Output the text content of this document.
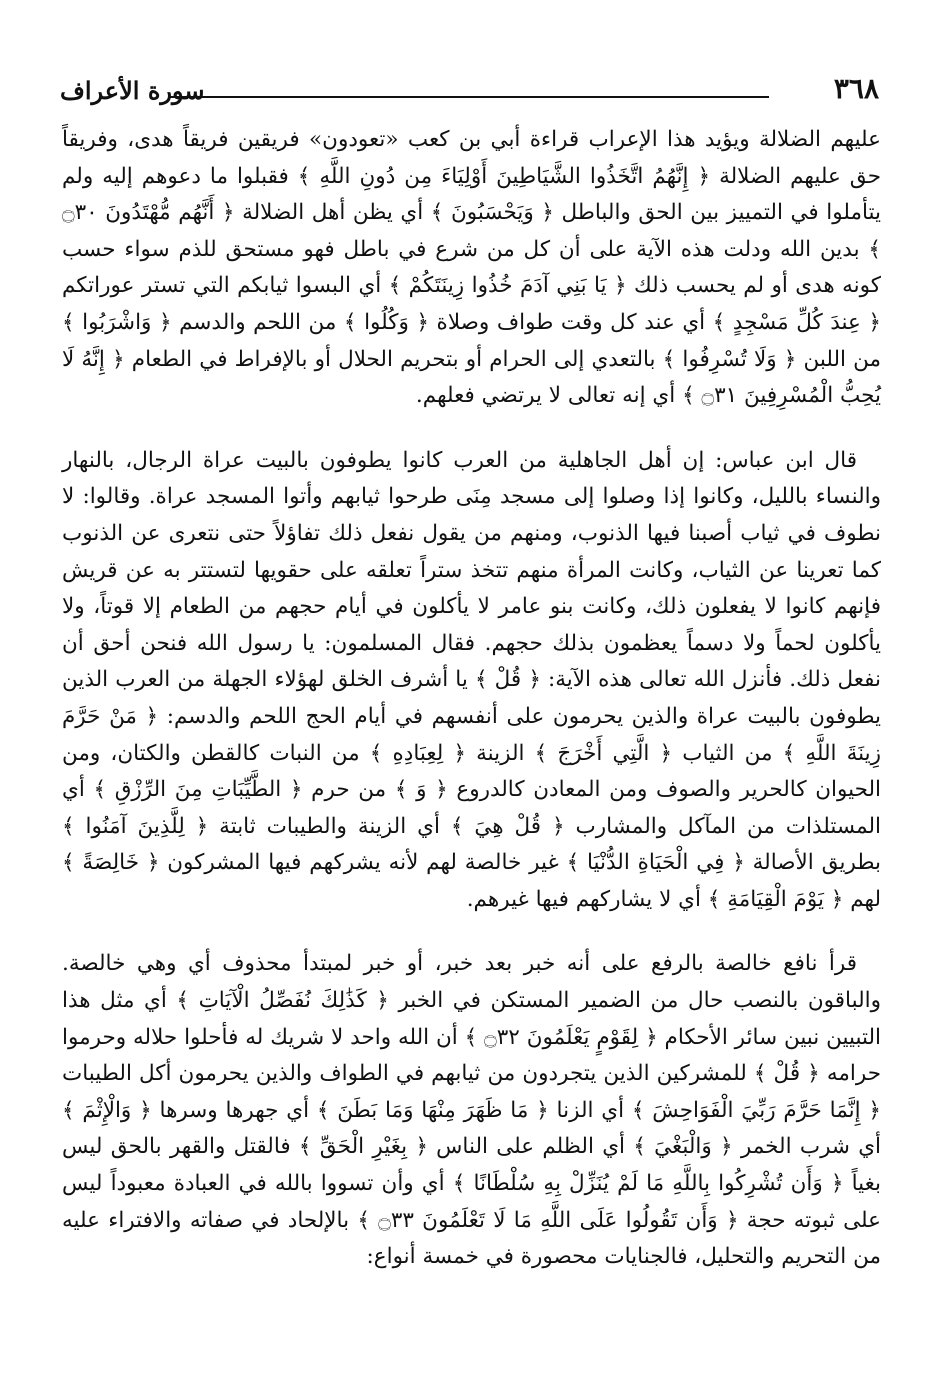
٣٦٨
سورة الأعراف

عليهم الضلالة ويؤيد هذا الإعراب قراءة أبي بن كعب «تعودون» فريقين فريقاً هدى، وفريقاً حق عليهم الضلالة ﴿ إِنَّهُمُ اتَّخَذُوا الشَّيَاطِينَ أَوْلِيَاءَ مِن دُونِ اللَّهِ ﴾ فقبلوا ما دعوهم إليه ولم يتأملوا في التمييز بين الحق والباطل ﴿ وَيَحْسَبُونَ ﴾ أي يظن أهل الضلالة ﴿ أَنَّهُم مُّهْتَدُونَ ۝٣٠ ﴾ بدين الله ودلت هذه الآية على أن كل من شرع في باطل فهو مستحق للذم سواء حسب كونه هدى أو لم يحسب ذلك ﴿ يَا بَنِي آدَمَ خُذُوا زِينَتَكُمْ ﴾ أي البسوا ثيابكم التي تستر عوراتكم ﴿ عِندَ كُلِّ مَسْجِدٍ ﴾ أي عند كل وقت طواف وصلاة ﴿ وَكُلُوا ﴾ من اللحم والدسم ﴿ وَاشْرَبُوا ﴾ من اللبن ﴿ وَلَا تُسْرِفُوا ﴾ بالتعدي إلى الحرام أو بتحريم الحلال أو بالإفراط في الطعام ﴿ إِنَّهُ لَا يُحِبُّ الْمُسْرِفِينَ ۝٣١ ﴾ أي إنه تعالى لا يرتضي فعلهم.

قال ابن عباس: إن أهل الجاهلية من العرب كانوا يطوفون بالبيت عراة الرجال، بالنهار والنساء بالليل، وكانوا إذا وصلوا إلى مسجد مِنَى طرحوا ثيابهم وأتوا المسجد عراة. وقالوا: لا نطوف في ثياب أصبنا فيها الذنوب، ومنهم من يقول نفعل ذلك تفاؤلاً حتى نتعرى عن الذنوب كما تعرينا عن الثياب، وكانت المرأة منهم تتخذ ستراً تعلقه على حقويها لتستتر به عن قريش فإنهم كانوا لا يفعلون ذلك، وكانت بنو عامر لا يأكلون في أيام حجهم من الطعام إلا قوتاً، ولا يأكلون لحماً ولا دسماً يعظمون بذلك حجهم. فقال المسلمون: يا رسول الله فنحن أحق أن نفعل ذلك. فأنزل الله تعالى هذه الآية: ﴿ قُلْ ﴾ يا أشرف الخلق لهؤلاء الجهلة من العرب الذين يطوفون بالبيت عراة والذين يحرمون على أنفسهم في أيام الحج اللحم والدسم: ﴿ مَنْ حَرَّمَ زِينَةَ اللَّهِ ﴾ من الثياب ﴿ الَّتِي أَخْرَجَ ﴾ الزينة ﴿ لِعِبَادِهِ ﴾ من النبات كالقطن والكتان، ومن الحيوان كالحرير والصوف ومن المعادن كالدروع ﴿ وَ ﴾ من حرم ﴿ الطَّيِّبَاتِ مِنَ الرِّزْقِ ﴾ أي المستلذات من المآكل والمشارب ﴿ قُلْ هِيَ ﴾ أي الزينة والطيبات ثابتة ﴿ لِلَّذِينَ آمَنُوا ﴾ بطريق الأصالة ﴿ فِي الْحَيَاةِ الدُّنْيَا ﴾ غير خالصة لهم لأنه يشركهم فيها المشركون ﴿ خَالِصَةً ﴾ لهم ﴿ يَوْمَ الْقِيَامَةِ ﴾ أي لا يشاركهم فيها غيرهم.

قرأ نافع خالصة بالرفع على أنه خبر بعد خبر، أو خبر لمبتدأ محذوف أي وهي خالصة. والباقون بالنصب حال من الضمير المستكن في الخبر ﴿ كَذَٰلِكَ نُفَصِّلُ الْآيَاتِ ﴾ أي مثل هذا التبيين نبين سائر الأحكام ﴿ لِقَوْمٍ يَعْلَمُونَ ۝٣٢ ﴾ أن الله واحد لا شريك له فأحلوا حلاله وحرموا حرامه ﴿ قُلْ ﴾ للمشركين الذين يتجردون من ثيابهم في الطواف والذين يحرمون أكل الطيبات ﴿ إِنَّمَا حَرَّمَ رَبِّيَ الْفَوَاحِشَ ﴾ أي الزنا ﴿ مَا ظَهَرَ مِنْهَا وَمَا بَطَنَ ﴾ أي جهرها وسرها ﴿ وَالْإِثْمَ ﴾ أي شرب الخمر ﴿ وَالْبَغْيَ ﴾ أي الظلم على الناس ﴿ بِغَيْرِ الْحَقِّ ﴾ فالقتل والقهر بالحق ليس بغياً ﴿ وَأَن تُشْرِكُوا بِاللَّهِ مَا لَمْ يُنَزِّلْ بِهِ سُلْطَانًا ﴾ أي وأن تسووا بالله في العبادة معبوداً ليس على ثبوته حجة ﴿ وَأَن تَقُولُوا عَلَى اللَّهِ مَا لَا تَعْلَمُونَ ۝٣٣ ﴾ بالإلحاد في صفاته والافتراء عليه من التحريم والتحليل، فالجنايات محصورة في خمسة أنواع:
